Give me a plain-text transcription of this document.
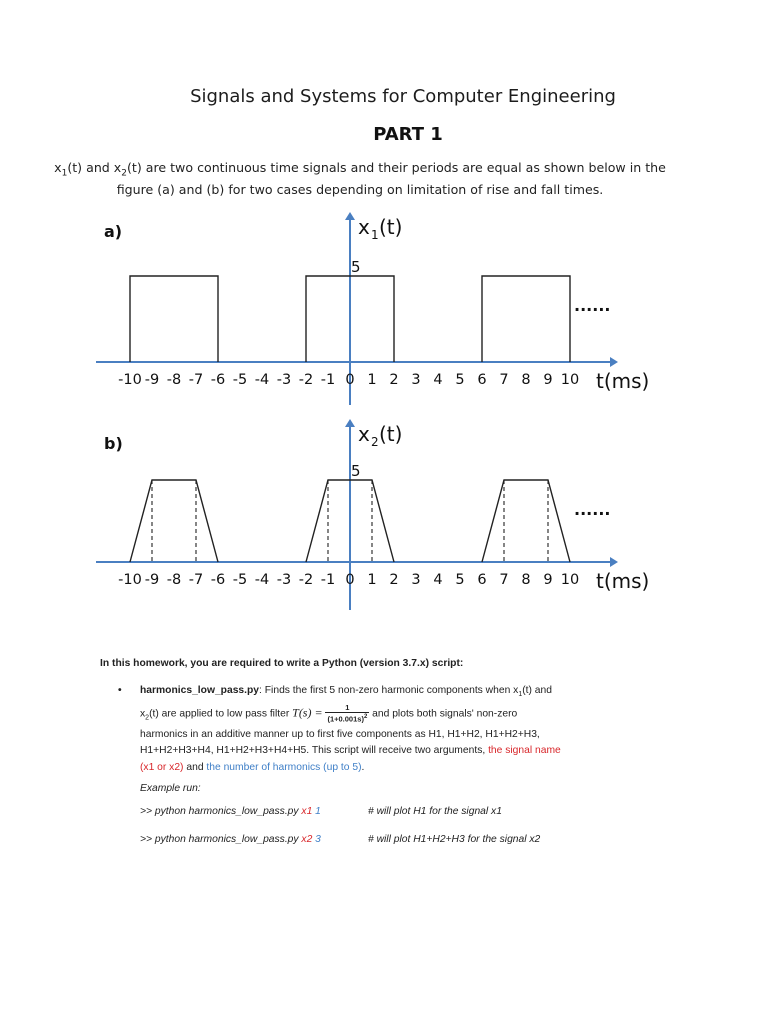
Signals and Systems for Computer Engineering
PART 1
$x_1(t)$ and $x_2(t)$ are two continuous time signals and their periods are equal as shown below in the
figure (a) and (b) for two cases depending on limitation of rise and fall times.
a)	x 1 (t)
5
-10 -9 -8 -7 -6 -5 -4 -3 -2 -1 0 1 2 3 4 5 6 7 8 9 10 t(ms)
......
b)	x 2 (t)
5
-10 -9 -8 -7 -6 -5 -4 -3 -2 -1 0 1 2 3 4 5 6 7 8 9 10 t(ms)
......
In this homework, you are required to write a Python (version 3.7.x) script:
• harmonics_low_pass.py: Finds the first 5 non-zero harmonic components when $x_1(t)$ and
$x_2(t)$ are applied to low pass filter $T(s) = \frac{1}{(1+0.001s)^2}$ and plots both signals' non-zero
harmonics in an additive manner up to first five components as H1, H1+H2, H1+H2+H3,
H1+H2+H3+H4, H1+H2+H3+H4+H5. This script will receive two arguments, the signal name
(x1 or x2) and the number of harmonics (up to 5).
Example run:
>> python harmonics_low_pass.py x1 1	# will plot H1 for the signal x1
>> python harmonics_low_pass.py x2 3	# will plot H1+H2+H3 for the signal x2
